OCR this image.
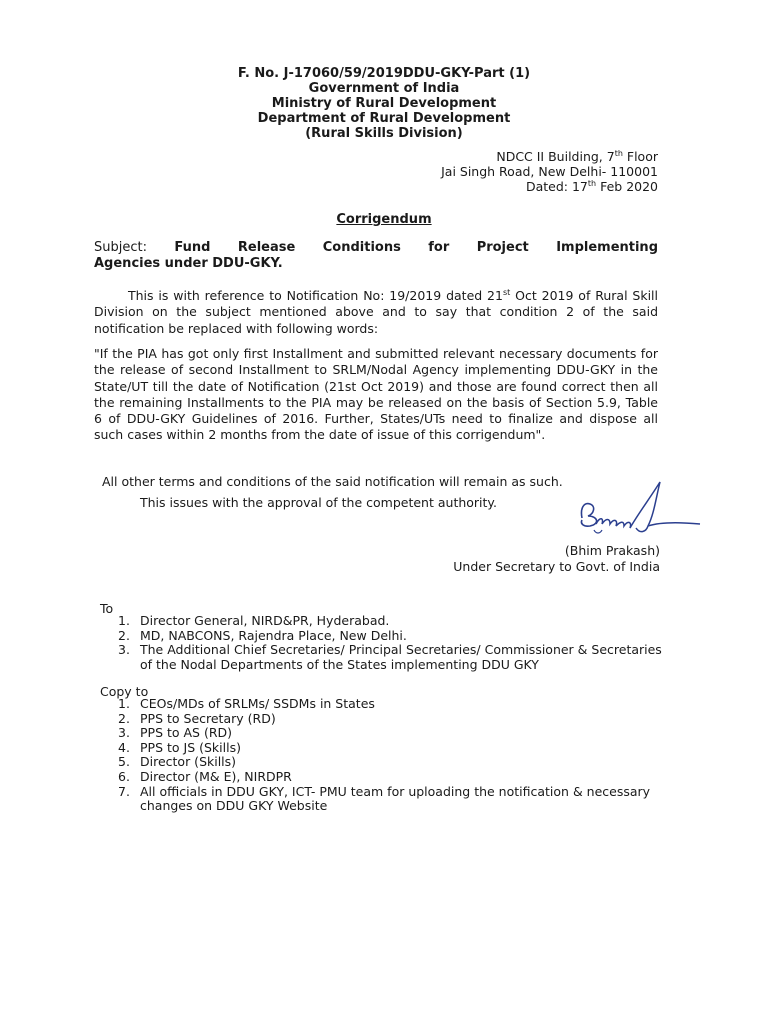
F. No. J-17060/59/2019DDU-GKY-Part (1)
Government of India
Ministry of Rural Development
Department of Rural Development
(Rural Skills Division)
NDCC II Building, 7th Floor
Jai Singh Road, New Delhi- 110001
Dated: 17th Feb 2020
Corrigendum
Subject: Fund Release Conditions for Project Implementing
Agencies under DDU-GKY.
This is with reference to Notification No: 19/2019 dated 21st Oct 2019 of Rural Skill Division on the subject mentioned above and to say that condition 2 of the said notification be replaced with following words:
"If the PIA has got only first Installment and submitted relevant necessary documents for the release of second Installment to SRLM/Nodal Agency implementing DDU-GKY in the State/UT till the date of Notification (21st Oct 2019) and those are found correct then all the remaining Installments to the PIA may be released on the basis of Section 5.9, Table 6 of DDU-GKY Guidelines of 2016. Further, States/UTs need to finalize and dispose all such cases within 2 months from the date of issue of this corrigendum".
All other terms and conditions of the said notification will remain as such.
This issues with the approval of the competent authority.
(Bhim Prakash)
Under Secretary to Govt. of India
To
1. Director General, NIRD&PR, Hyderabad.
2. MD, NABCONS, Rajendra Place, New Delhi.
3. The Additional Chief Secretaries/ Principal Secretaries/ Commissioner & Secretaries of the Nodal Departments of the States implementing DDU GKY
Copy to
1. CEOs/MDs of SRLMs/ SSDMs in States
2. PPS to Secretary (RD)
3. PPS to AS (RD)
4. PPS to JS (Skills)
5. Director (Skills)
6. Director (M& E), NIRDPR
7. All officials in DDU GKY, ICT- PMU team for uploading the notification & necessary changes on DDU GKY Website
